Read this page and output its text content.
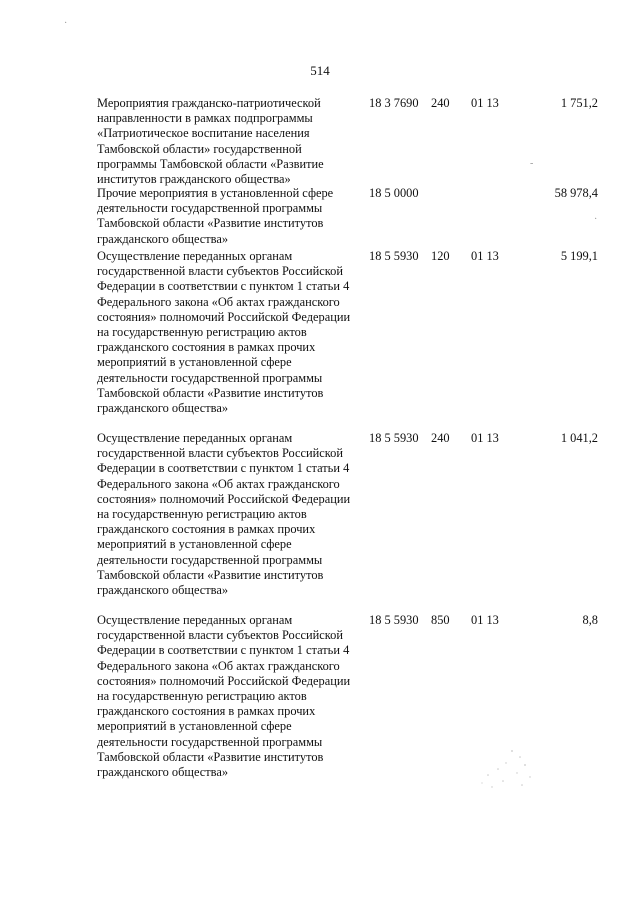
514
Мероприятия гражданско-патриотической направленности в рамках подпрограммы «Патриотическое воспитание населения Тамбовской области» государственной программы Тамбовской области «Развитие институтов гражданского общества»
18 3 7690 240 01 13	1 751,2
Прочие мероприятия в установленной сфере деятельности государственной программы Тамбовской области «Развитие институтов гражданского общества»
18 5 0000	58 978,4
Осуществление переданных органам государственной власти субъектов Российской Федерации в соответствии с пунктом 1 статьи 4 Федерального закона «Об актах гражданского состояния» полномочий Российской Федерации на государственную регистрацию актов гражданского состояния в рамках прочих мероприятий в установленной сфере деятельности государственной программы Тамбовской области «Развитие институтов гражданского общества»
18 5 5930 120 01 13	5 199,1
Осуществление переданных органам государственной власти субъектов Российской Федерации в соответствии с пунктом 1 статьи 4 Федерального закона «Об актах гражданского состояния» полномочий Российской Федерации на государственную регистрацию актов гражданского состояния в рамках прочих мероприятий в установленной сфере деятельности государственной программы Тамбовской области «Развитие институтов гражданского общества»
18 5 5930 240 01 13	1 041,2
Осуществление переданных органам государственной власти субъектов Российской Федерации в соответствии с пунктом 1 статьи 4 Федерального закона «Об актах гражданского состояния» полномочий Российской Федерации на государственную регистрацию актов гражданского состояния в рамках прочих мероприятий в установленной сфере деятельности государственной программы Тамбовской области «Развитие институтов гражданского общества»
18 5 5930 850 01 13	8,8
·
-
·
